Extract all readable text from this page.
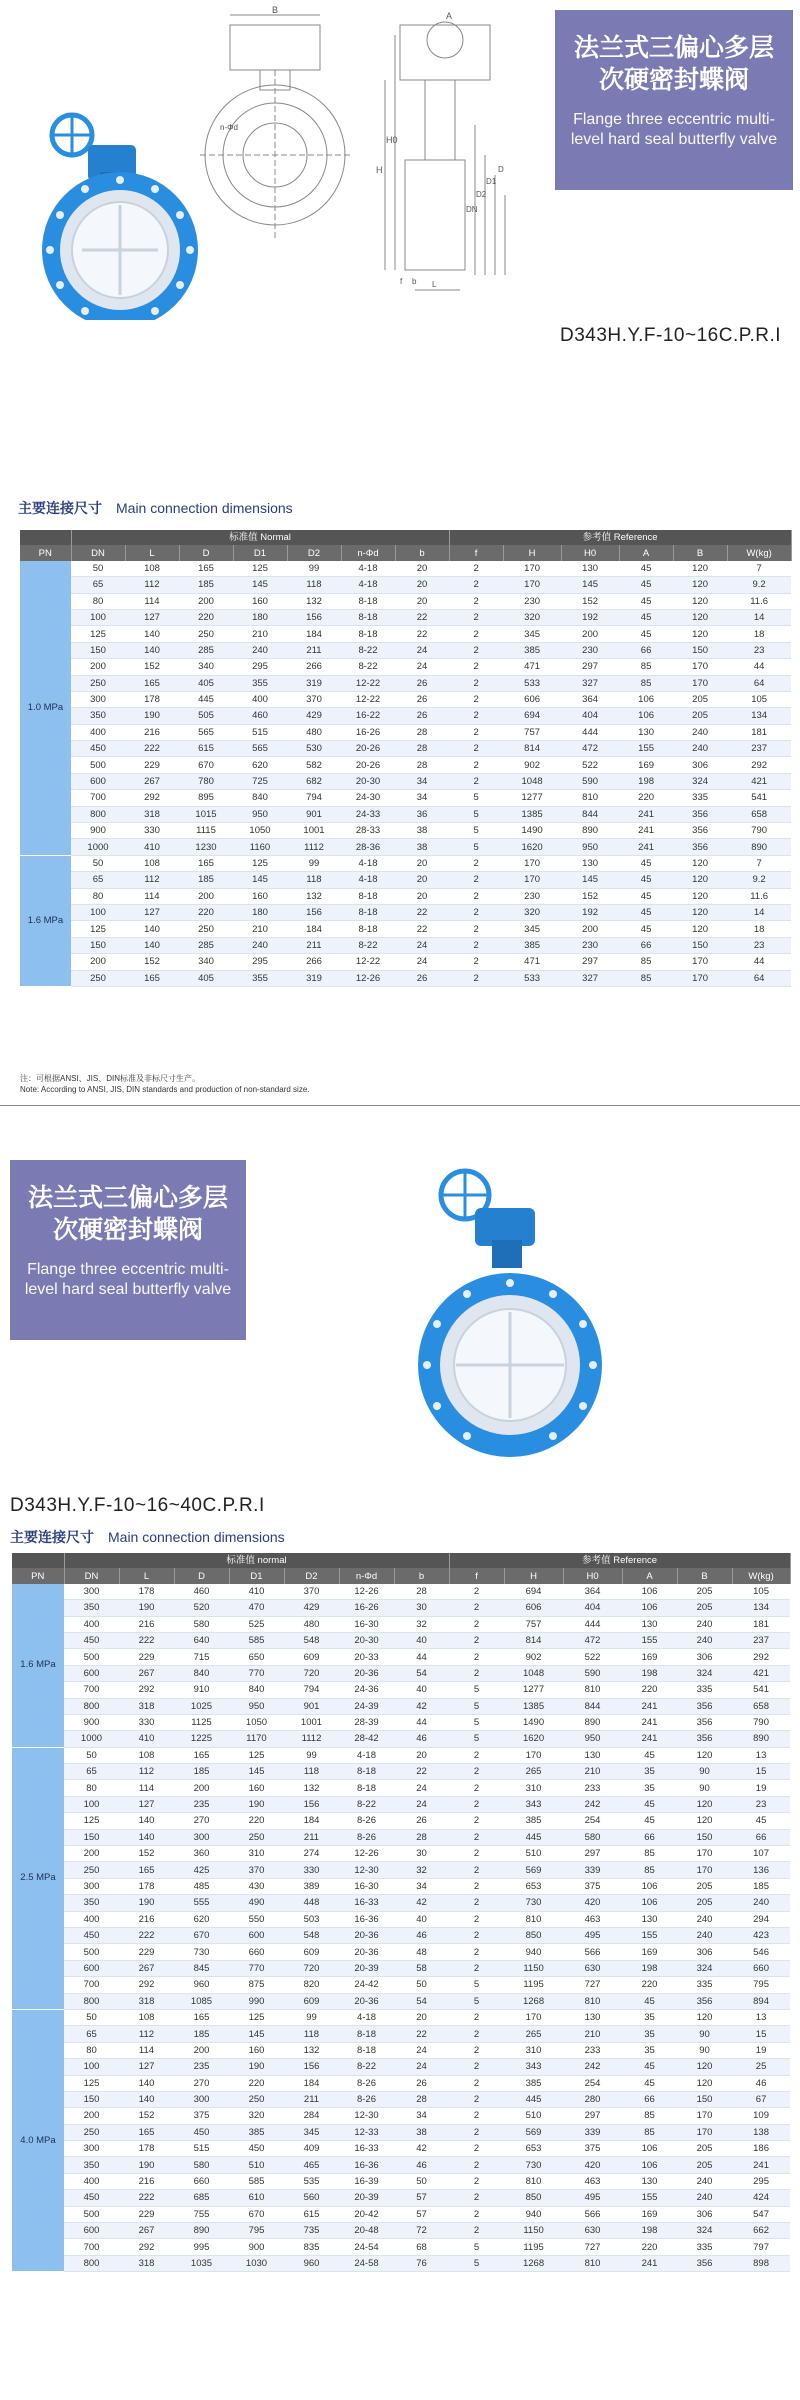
B
A
n-Φd
H
H0
DN
D2
D1
D
f b L
法兰式三偏心多层次硬密封蝶阀
Flange three eccentric multi-level hard seal butterfly valve
D343H.Y.F-10~16C.P.R.I
主要连接尺寸 Main connection dimensions
	标准值 Normal							参考值 Reference					
PN	DN	L	D	D1	D2	n-Φd	b	f	H	H0	A	B	W(kg)
1.0 MPa	50	108	165	125	99	4-18	20	2	170	130	45	120	7
	65	112	185	145	118	4-18	20	2	170	145	45	120	9.2
	80	114	200	160	132	8-18	20	2	230	152	45	120	11.6
	100	127	220	180	156	8-18	22	2	320	192	45	120	14
	125	140	250	210	184	8-18	22	2	345	200	45	120	18
	150	140	285	240	211	8-22	24	2	385	230	66	150	23
	200	152	340	295	266	8-22	24	2	471	297	85	170	44
	250	165	405	355	319	12-22	26	2	533	327	85	170	64
	300	178	445	400	370	12-22	26	2	606	364	106	205	105
	350	190	505	460	429	16-22	26	2	694	404	106	205	134
	400	216	565	515	480	16-26	28	2	757	444	130	240	181
	450	222	615	565	530	20-26	28	2	814	472	155	240	237
	500	229	670	620	582	20-26	28	2	902	522	169	306	292
	600	267	780	725	682	20-30	34	2	1048	590	198	324	421
	700	292	895	840	794	24-30	34	5	1277	810	220	335	541
	800	318	1015	950	901	24-33	36	5	1385	844	241	356	658
	900	330	1115	1050	1001	28-33	38	5	1490	890	241	356	790
	1000	410	1230	1160	1112	28-36	38	5	1620	950	241	356	890
1.6 MPa	50	108	165	125	99	4-18	20	2	170	130	45	120	7
	65	112	185	145	118	4-18	20	2	170	145	45	120	9.2
	80	114	200	160	132	8-18	20	2	230	152	45	120	11.6
	100	127	220	180	156	8-18	22	2	320	192	45	120	14
	125	140	250	210	184	8-18	22	2	345	200	45	120	18
	150	140	285	240	211	8-22	24	2	385	230	66	150	23
	200	152	340	295	266	12-22	24	2	471	297	85	170	44
	250	165	405	355	319	12-26	26	2	533	327	85	170	64
注：可根据ANSI、JIS、DIN标准及非标尺寸生产。
Note: According to ANSI, JIS, DIN standards and production of non-standard size.
法兰式三偏心多层次硬密封蝶阀
Flange three eccentric multi-level hard seal butterfly valve
D343H.Y.F-10~16~40C.P.R.I
主要连接尺寸 Main connection dimensions
	标准值 normal							参考值 Reference					
PN	DN	L	D	D1	D2	n-Φd	b	f	H	H0	A	B	W(kg)
1.6 MPa	300	178	460	410	370	12-26	28	2	694	364	106	205	105
	350	190	520	470	429	16-26	30	2	606	404	106	205	134
	400	216	580	525	480	16-30	32	2	757	444	130	240	181
	450	222	640	585	548	20-30	40	2	814	472	155	240	237
	500	229	715	650	609	20-33	44	2	902	522	169	306	292
	600	267	840	770	720	20-36	54	2	1048	590	198	324	421
	700	292	910	840	794	24-36	40	5	1277	810	220	335	541
	800	318	1025	950	901	24-39	42	5	1385	844	241	356	658
	900	330	1125	1050	1001	28-39	44	5	1490	890	241	356	790
	1000	410	1225	1170	1112	28-42	46	5	1620	950	241	356	890
2.5 MPa	50	108	165	125	99	4-18	20	2	170	130	45	120	13
	65	112	185	145	118	8-18	22	2	265	210	35	90	15
	80	114	200	160	132	8-18	24	2	310	233	35	90	19
	100	127	235	190	156	8-22	24	2	343	242	45	120	23
	125	140	270	220	184	8-26	26	2	385	254	45	120	45
	150	140	300	250	211	8-26	28	2	445	580	66	150	66
	200	152	360	310	274	12-26	30	2	510	297	85	170	107
	250	165	425	370	330	12-30	32	2	569	339	85	170	136
	300	178	485	430	389	16-30	34	2	653	375	106	205	185
	350	190	555	490	448	16-33	42	2	730	420	106	205	240
	400	216	620	550	503	16-36	40	2	810	463	130	240	294
	450	222	670	600	548	20-36	46	2	850	495	155	240	423
	500	229	730	660	609	20-36	48	2	940	566	169	306	546
	600	267	845	770	720	20-39	58	2	1150	630	198	324	660
	700	292	960	875	820	24-42	50	5	1195	727	220	335	795
	800	318	1085	990	609	20-36	54	5	1268	810	45	356	894
4.0 MPa	50	108	165	125	99	4-18	20	2	170	130	35	120	13
	65	112	185	145	118	8-18	22	2	265	210	35	90	15
	80	114	200	160	132	8-18	24	2	310	233	35	90	19
	100	127	235	190	156	8-22	24	2	343	242	45	120	25
	125	140	270	220	184	8-26	26	2	385	254	45	120	46
	150	140	300	250	211	8-26	28	2	445	280	66	150	67
	200	152	375	320	284	12-30	34	2	510	297	85	170	109
	250	165	450	385	345	12-33	38	2	569	339	85	170	138
	300	178	515	450	409	16-33	42	2	653	375	106	205	186
	350	190	580	510	465	16-36	46	2	730	420	106	205	241
	400	216	660	585	535	16-39	50	2	810	463	130	240	295
	450	222	685	610	560	20-39	57	2	850	495	155	240	424
	500	229	755	670	615	20-42	57	2	940	566	169	306	547
	600	267	890	795	735	20-48	72	2	1150	630	198	324	662
	700	292	995	900	835	24-54	68	5	1195	727	220	335	797
	800	318	1035	1030	960	24-58	76	5	1268	810	241	356	898
